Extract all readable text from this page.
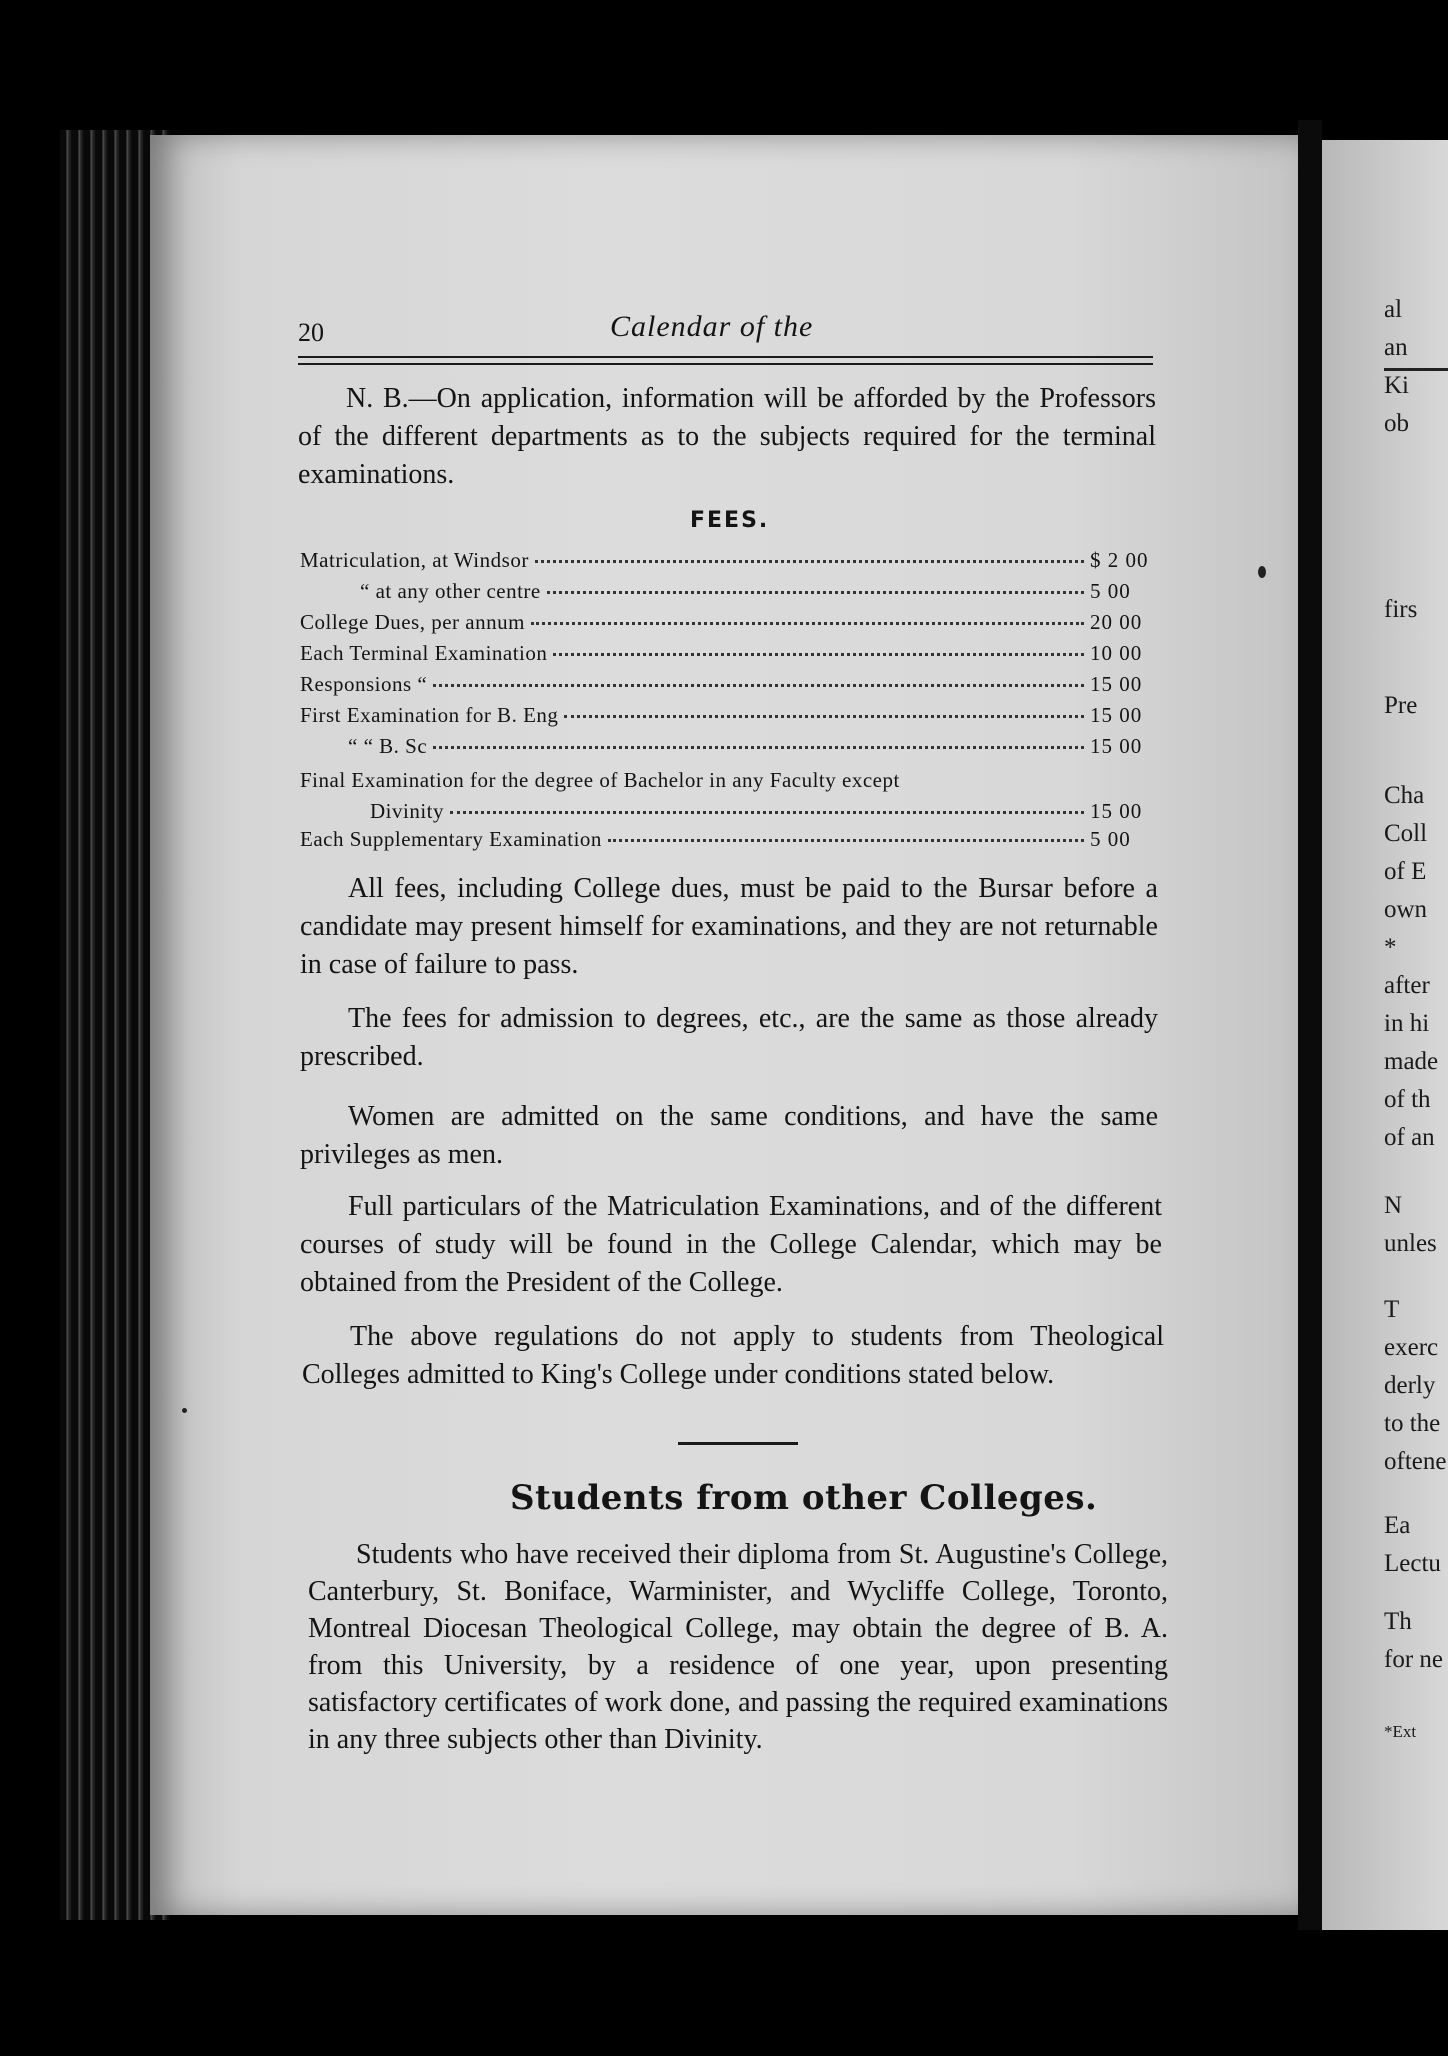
al
an
Ki
ob
firs
Pre
Cha
Coll
of E
own
*
after
in hi
made
of th
of an
N
unles
T
exerc
derly
to the
oftene
Ea
Lectu
Th
for ne
*Ext
20	Calendar of the

N. B.—On application, information will be afforded by the Professors of the different departments as to the subjects required for the terminal examinations.

FEES.
Matriculation, at Windsor	$ 2 00
“ at any other centre	5 00
College Dues, per annum	20 00
Each Terminal Examination	10 00
Responsions “	15 00
First Examination for B. Eng	15 00
“ “ B. Sc	15 00
Final Examination for the degree of Bachelor in any Faculty except
Divinity	15 00
Each Supplementary Examination	5 00

All fees, including College dues, must be paid to the Bursar before a candidate may present himself for examinations, and they are not returnable in case of failure to pass.

The fees for admission to degrees, etc., are the same as those already prescribed.

Women are admitted on the same conditions, and have the same privileges as men.

Full particulars of the Matriculation Examinations, and of the different courses of study will be found in the College Calendar, which may be obtained from the President of the College.

The above regulations do not apply to students from Theological Colleges admitted to King's College under conditions stated below.

Students from other Colleges.

Students who have received their diploma from St. Augustine's College, Canterbury, St. Boniface, Warminister, and Wycliffe College, Toronto, Montreal Diocesan Theological College, may obtain the degree of B. A. from this University, by a residence of one year, upon presenting satisfactory certificates of work done, and passing the required examinations in any three subjects other than Divinity.
